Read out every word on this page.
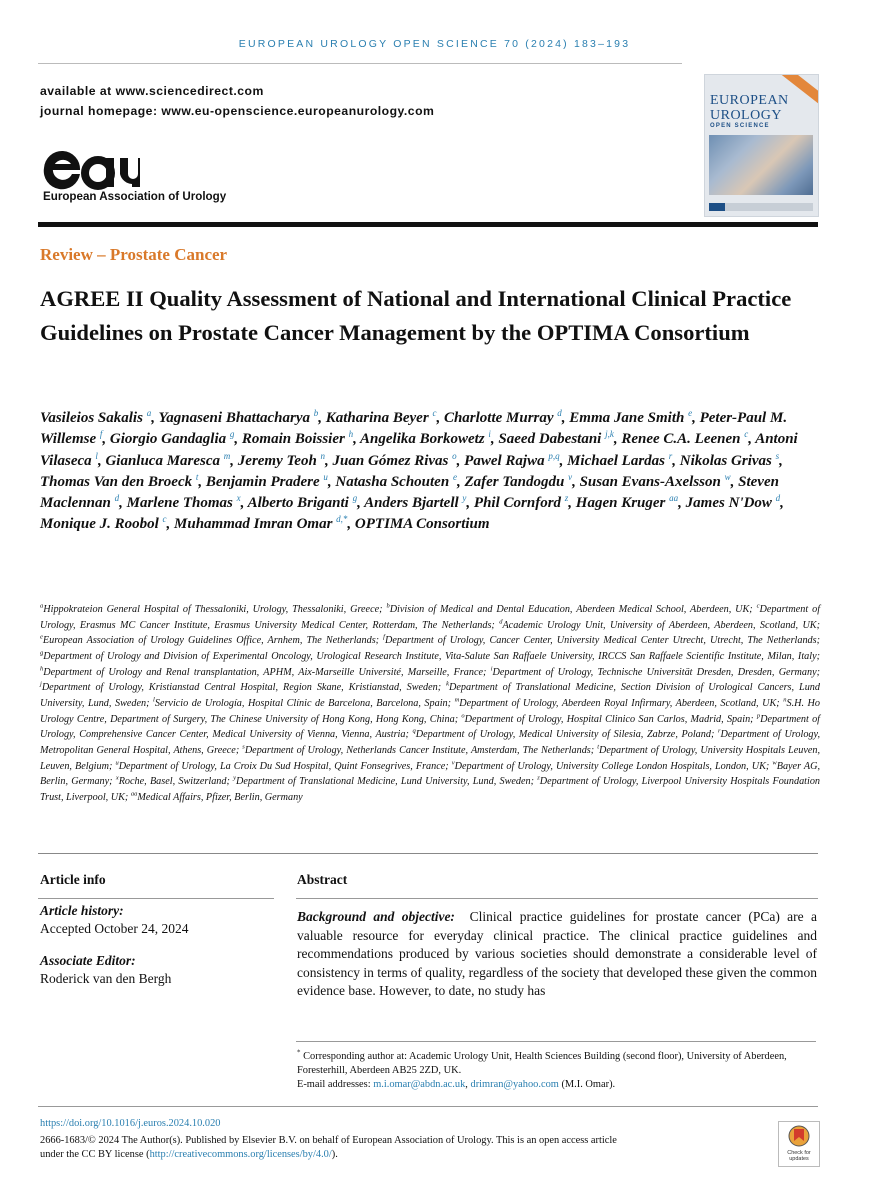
EUROPEAN UROLOGY OPEN SCIENCE 70 (2024) 183–193
available at www.sciencedirect.com
journal homepage: www.eu-openscience.europeanurology.com
European Association of Urology
EUROPEAN
UROLOGY
OPEN SCIENCE
Review – Prostate Cancer
AGREE II Quality Assessment of National and International Clinical Practice Guidelines on Prostate Cancer Management by the OPTIMA Consortium
Vasileios Sakalis $^a$, Yagnaseni Bhattacharya $^b$, Katharina Beyer $^c$, Charlotte Murray $^d$, Emma Jane Smith $^e$, Peter-Paul M. Willemse $^f$, Giorgio Gandaglia $^g$, Romain Boissier $^h$, Angelika Borkowetz $^i$, Saeed Dabestani $^{j,k}$, Renee C.A. Leenen $^c$, Antoni Vilaseca $^l$, Gianluca Maresca $^m$, Jeremy Teoh $^n$, Juan Gómez Rivas $^o$, Pawel Rajwa $^{p,q}$, Michael Lardas $^r$, Nikolas Grivas $^s$, Thomas Van den Broeck $^t$, Benjamin Pradere $^u$, Natasha Schouten $^e$, Zafer Tandogdu $^v$, Susan Evans-Axelsson $^w$, Steven Maclennan $^d$, Marlene Thomas $^x$, Alberto Briganti $^g$, Anders Bjartell $^y$, Phil Cornford $^z$, Hagen Kruger $^{aa}$, James N'Dow $^d$, Monique J. Roobol $^c$, Muhammad Imran Omar $^{d,*}$, OPTIMA Consortium
$^a$Hippokrateion General Hospital of Thessaloniki, Urology, Thessaloniki, Greece; $^b$Division of Medical and Dental Education, Aberdeen Medical School, Aberdeen, UK; $^c$Department of Urology, Erasmus MC Cancer Institute, Erasmus University Medical Center, Rotterdam, The Netherlands; $^d$Academic Urology Unit, University of Aberdeen, Aberdeen, Scotland, UK; $^e$European Association of Urology Guidelines Office, Arnhem, The Netherlands; $^f$Department of Urology, Cancer Center, University Medical Center Utrecht, Utrecht, The Netherlands; $^g$Department of Urology and Division of Experimental Oncology, Urological Research Institute, Vita-Salute San Raffaele University, IRCCS San Raffaele Scientific Institute, Milan, Italy; $^h$Department of Urology and Renal transplantation, APHM, Aix-Marseille Université, Marseille, France; $^i$Department of Urology, Technische Universität Dresden, Dresden, Germany; $^j$Department of Urology, Kristianstad Central Hospital, Region Skane, Kristianstad, Sweden; $^k$Department of Translational Medicine, Section Division of Urological Cancers, Lund University, Lund, Sweden; $^l$Servicio de Urología, Hospital Clínic de Barcelona, Barcelona, Spain; $^m$Department of Urology, Aberdeen Royal Infirmary, Aberdeen, Scotland, UK; $^n$S.H. Ho Urology Centre, Department of Surgery, The Chinese University of Hong Kong, Hong Kong, China; $^o$Department of Urology, Hospital Clinico San Carlos, Madrid, Spain; $^p$Department of Urology, Comprehensive Cancer Center, Medical University of Vienna, Vienna, Austria; $^q$Department of Urology, Medical University of Silesia, Zabrze, Poland; $^r$Department of Urology, Metropolitan General Hospital, Athens, Greece; $^s$Department of Urology, Netherlands Cancer Institute, Amsterdam, The Netherlands; $^t$Department of Urology, University Hospitals Leuven, Leuven, Belgium; $^u$Department of Urology, La Croix Du Sud Hospital, Quint Fonsegrives, France; $^v$Department of Urology, University College London Hospitals, London, UK; $^w$Bayer AG, Berlin, Germany; $^x$Roche, Basel, Switzerland; $^y$Department of Translational Medicine, Lund University, Lund, Sweden; $^z$Department of Urology, Liverpool University Hospitals Foundation Trust, Liverpool, UK; $^{aa}$Medical Affairs, Pfizer, Berlin, Germany
Article info	Abstract
Article history:
Accepted October 24, 2024
Associate Editor:
Roderick van den Bergh
Background and objective: Clinical practice guidelines for prostate cancer (PCa) are a valuable resource for everyday clinical practice. The clinical practice guidelines and recommendations produced by various societies should demonstrate a considerable level of consistency in terms of quality, regardless of the society that developed these given the common evidence base. However, to date, no study has
* Corresponding author at: Academic Urology Unit, Health Sciences Building (second floor), University of Aberdeen, Foresterhill, Aberdeen AB25 2ZD, UK.
E-mail addresses: m.i.omar@abdn.ac.uk, drimran@yahoo.com (M.I. Omar).
https://doi.org/10.1016/j.euros.2024.10.020
2666-1683/© 2024 The Author(s). Published by Elsevier B.V. on behalf of European Association of Urology. This is an open access article
under the CC BY license (http://creativecommons.org/licenses/by/4.0/).	Check for updates
